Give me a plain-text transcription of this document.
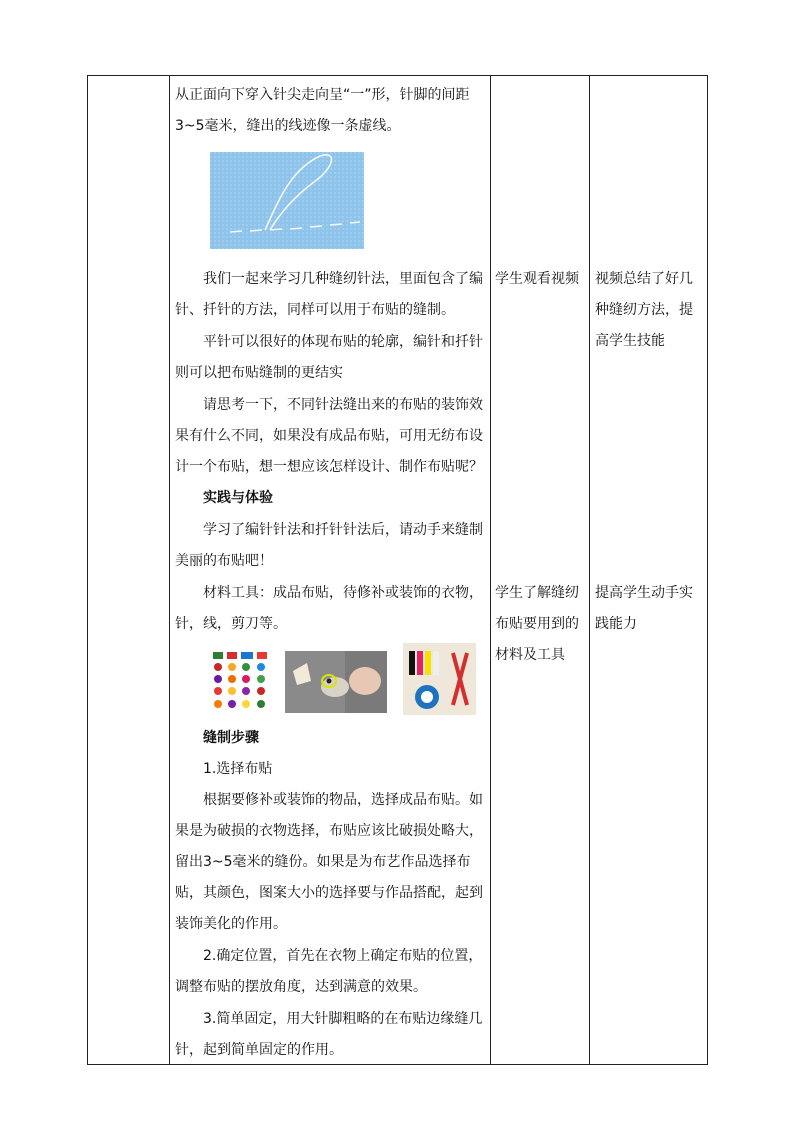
从正面向下穿入针尖走向呈“一”形，针脚的间距

3~5毫米，缝出的线迹像一条虚线。

我们一起来学习几种缝纫针法，里面包含了编针、扦针的方法，同样可以用于布贴的缝制。

平针可以很好的体现布贴的轮廓，编针和扦针则可以把布贴缝制的更结实

请思考一下，不同针法缝出来的布贴的装饰效果有什么不同，如果没有成品布贴，可用无纺布设计一个布贴，想一想应该怎样设计、制作布贴呢？

实践与体验

学习了编针针法和扦针针法后，请动手来缝制美丽的布贴吧！

材料工具：成品布贴，待修补或装饰的衣物，针，线，剪刀等。

缝制步骤

1.选择布贴

根据要修补或装饰的物品，选择成品布贴。如果是为破损的衣物选择，布贴应该比破损处略大，留出3~5毫米的缝份。如果是为布艺作品选择布贴，其颜色，图案大小的选择要与作品搭配，起到装饰美化的作用。

2.确定位置，首先在衣物上确定布贴的位置，调整布贴的摆放角度，达到满意的效果。

3.简单固定，用大针脚粗略的在布贴边缘缝几针，起到简单固定的作用。

学生观看视频

学生了解缝纫布贴要用到的材料及工具

视频总结了好几种缝纫方法，提高学生技能

提高学生动手实践能力
